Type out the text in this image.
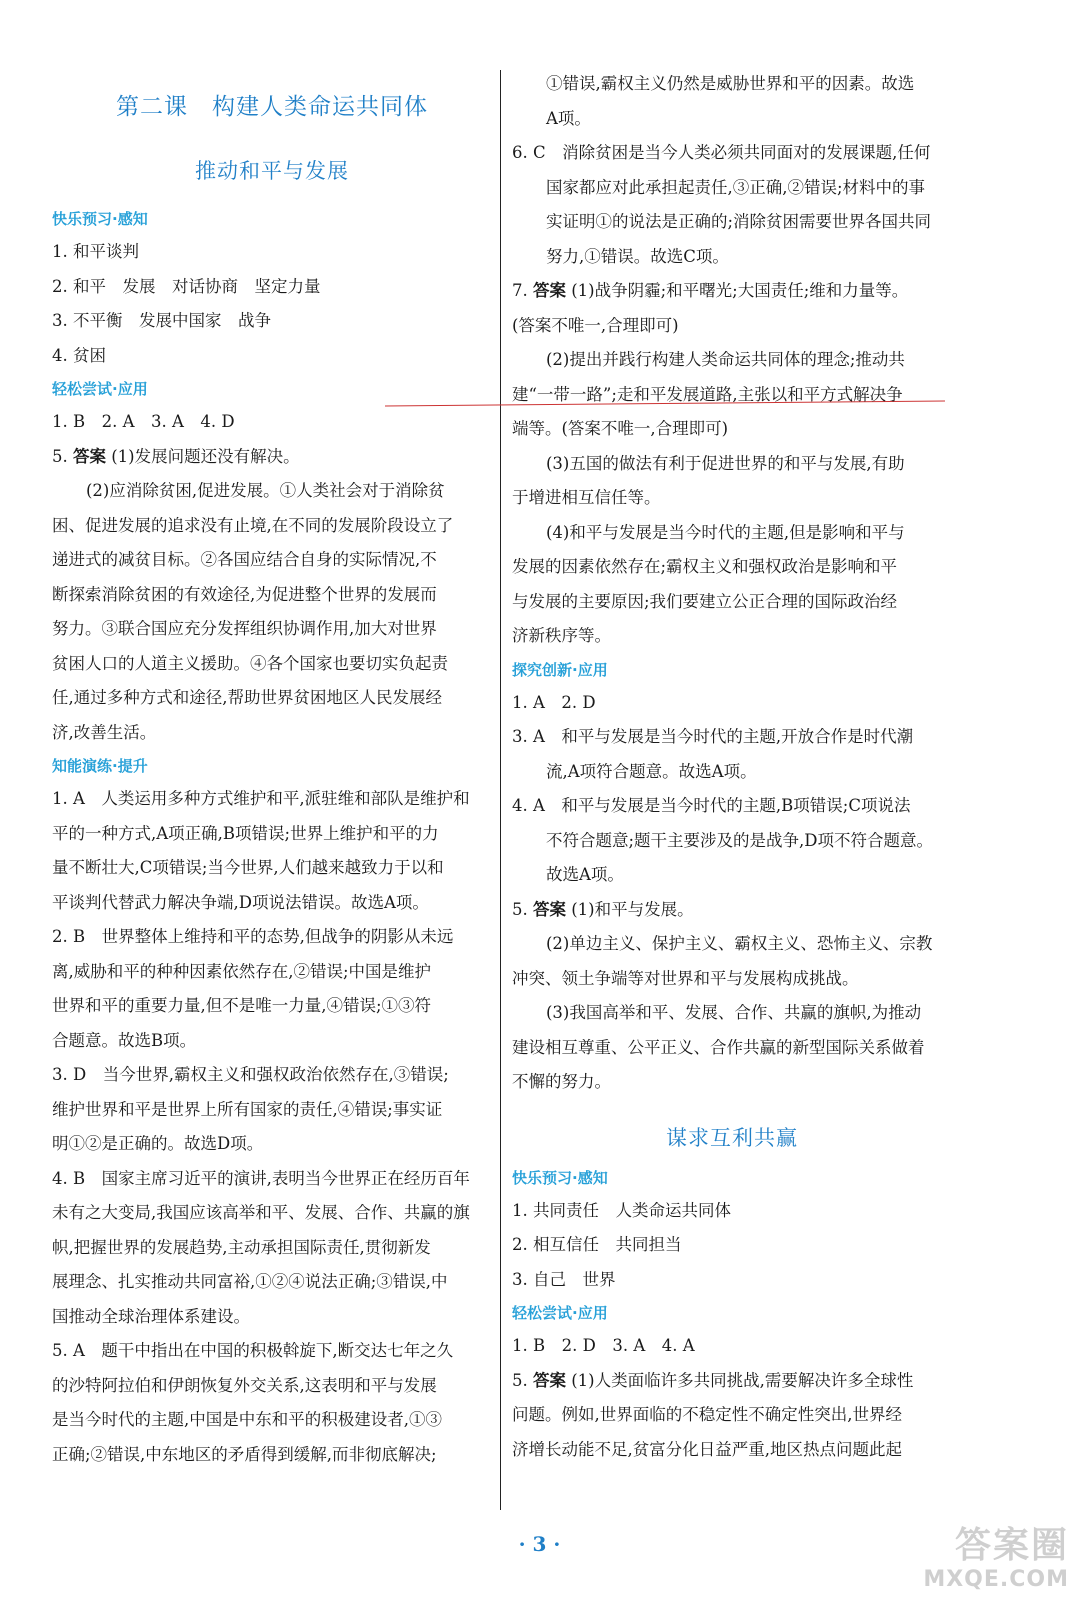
第二课　构建人类命运共同体
推动和平与发展
快乐预习·感知
1. 和平谈判
2. 和平　发展　对话协商　坚定力量
3. 不平衡　发展中国家　战争
4. 贫困
轻松尝试·应用
1. B　2. A　3. A　4. D
5. 答案 (1)发展问题还没有解决。
(2)应消除贫困,促进发展。①人类社会对于消除贫
困、促进发展的追求没有止境,在不同的发展阶段设立了
递进式的减贫目标。②各国应结合自身的实际情况,不
断探索消除贫困的有效途径,为促进整个世界的发展而
努力。③联合国应充分发挥组织协调作用,加大对世界
贫困人口的人道主义援助。④各个国家也要切实负起责
任,通过多种方式和途径,帮助世界贫困地区人民发展经
济,改善生活。
知能演练·提升
1. A　人类运用多种方式维护和平,派驻维和部队是维护和
平的一种方式,A项正确,B项错误;世界上维护和平的力
量不断壮大,C项错误;当今世界,人们越来越致力于以和
平谈判代替武力解决争端,D项说法错误。故选A项。
2. B　世界整体上维持和平的态势,但战争的阴影从未远
离,威胁和平的种种因素依然存在,②错误;中国是维护
世界和平的重要力量,但不是唯一力量,④错误;①③符
合题意。故选B项。
3. D　当今世界,霸权主义和强权政治依然存在,③错误;
维护世界和平是世界上所有国家的责任,④错误;事实证
明①②是正确的。故选D项。
4. B　国家主席习近平的演讲,表明当今世界正在经历百年
未有之大变局,我国应该高举和平、发展、合作、共赢的旗
帜,把握世界的发展趋势,主动承担国际责任,贯彻新发
展理念、扎实推动共同富裕,①②④说法正确;③错误,中
国推动全球治理体系建设。
5. A　题干中指出在中国的积极斡旋下,断交达七年之久
的沙特阿拉伯和伊朗恢复外交关系,这表明和平与发展
是当今时代的主题,中国是中东和平的积极建设者,①③
正确;②错误,中东地区的矛盾得到缓解,而非彻底解决;
①错误,霸权主义仍然是威胁世界和平的因素。故选
A项。
6. C　消除贫困是当今人类必须共同面对的发展课题,任何
国家都应对此承担起责任,③正确,②错误;材料中的事
实证明①的说法是正确的;消除贫困需要世界各国共同
努力,①错误。故选C项。
7. 答案 (1)战争阴霾;和平曙光;大国责任;维和力量等。
(答案不唯一,合理即可)
(2)提出并践行构建人类命运共同体的理念;推动共
建“一带一路”;走和平发展道路,主张以和平方式解决争
端等。(答案不唯一,合理即可)
(3)五国的做法有利于促进世界的和平与发展,有助
于增进相互信任等。
(4)和平与发展是当今时代的主题,但是影响和平与
发展的因素依然存在;霸权主义和强权政治是影响和平
与发展的主要原因;我们要建立公正合理的国际政治经
济新秩序等。
探究创新·应用
1. A　2. D
3. A　和平与发展是当今时代的主题,开放合作是时代潮
流,A项符合题意。故选A项。
4. A　和平与发展是当今时代的主题,B项错误;C项说法
不符合题意;题干主要涉及的是战争,D项不符合题意。
故选A项。
5. 答案 (1)和平与发展。
(2)单边主义、保护主义、霸权主义、恐怖主义、宗教
冲突、领土争端等对世界和平与发展构成挑战。
(3)我国高举和平、发展、合作、共赢的旗帜,为推动
建设相互尊重、公平正义、合作共赢的新型国际关系做着
不懈的努力。
谋求互利共赢
快乐预习·感知
1. 共同责任　人类命运共同体
2. 相互信任　共同担当
3. 自己　世界
轻松尝试·应用
1. B　2. D　3. A　4. A
5. 答案 (1)人类面临许多共同挑战,需要解决许多全球性
问题。例如,世界面临的不稳定性不确定性突出,世界经
济增长动能不足,贫富分化日益严重,地区热点问题此起
· 3 ·	答案圈
MXQE.COM
